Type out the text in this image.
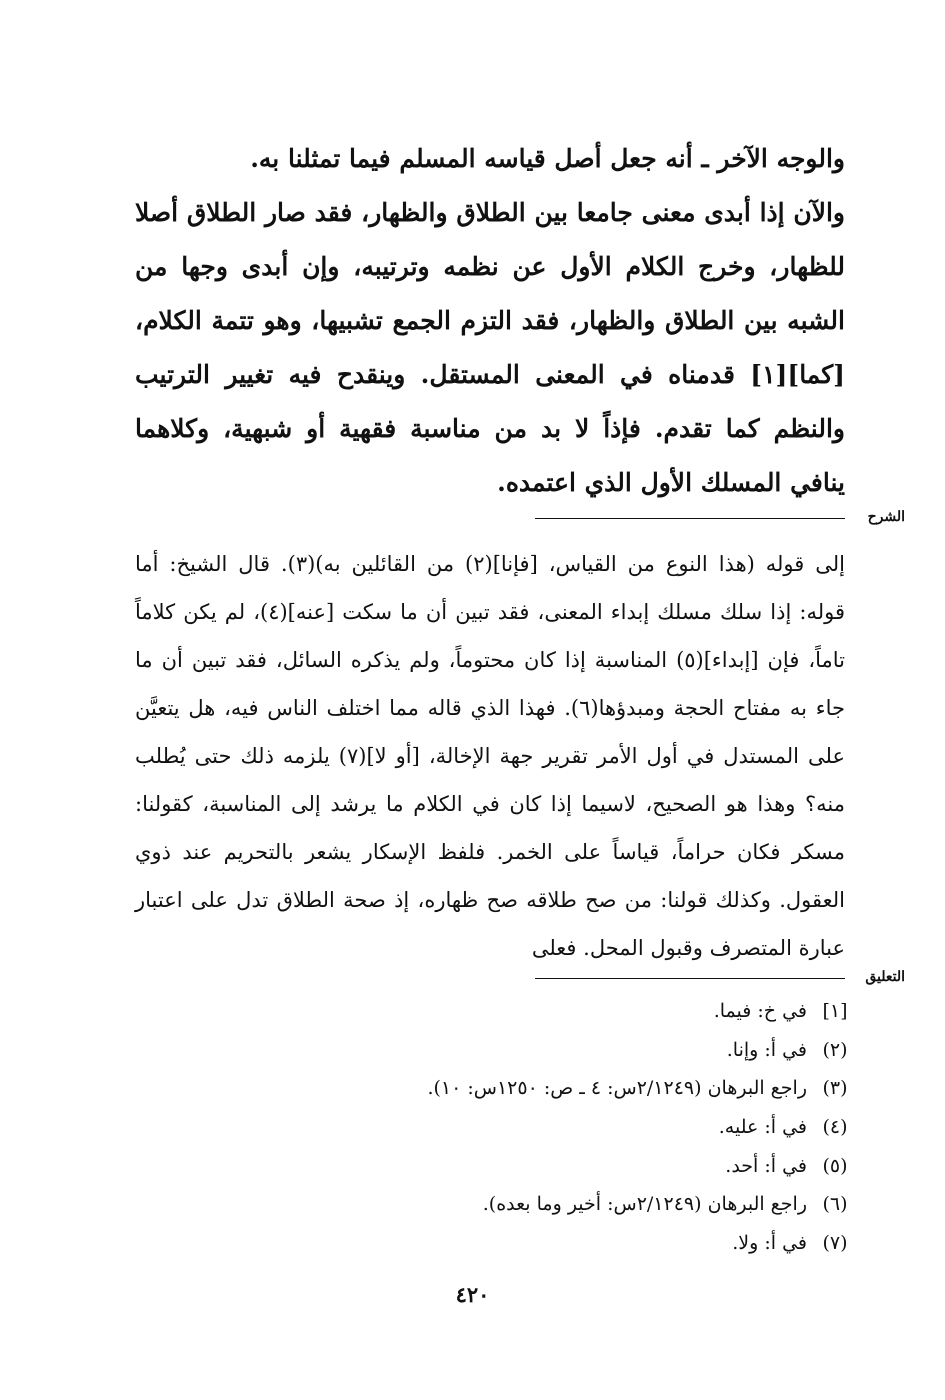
والوجه الآخر ـ أنه جعل أصل قياسه المسلم فيما تمثلنا به.

والآن إذا أبدى معنى جامعا بين الطلاق والظهار، فقد صار الطلاق أصلا للظهار، وخرج الكلام الأول عن نظمه وترتيبه، وإن أبدى وجها من الشبه بين الطلاق والظهار، فقد التزم الجمع تشبيها، وهو تتمة الكلام، [كما][١] قدمناه في المعنى المستقل. وينقدح فيه تغيير الترتيب والنظم كما تقدم. فإذاً لا بد من مناسبة فقهية أو شبهية، وكلاهما ينافي المسلك الأول الذي اعتمده.

الشرح

إلى قوله (هذا النوع من القياس، [فإنا](٢) من القائلين به)(٣). قال الشيخ: أما قوله: إذا سلك مسلك إبداء المعنى، فقد تبين أن ما سكت [عنه](٤)، لم يكن كلاماً تاماً، فإن [إبداء](٥) المناسبة إذا كان محتوماً، ولم يذكره السائل، فقد تبين أن ما جاء به مفتاح الحجة ومبدؤها(٦). فهذا الذي قاله مما اختلف الناس فيه، هل يتعيَّن على المستدل في أول الأمر تقرير جهة الإخالة، [أو لا](٧) يلزمه ذلك حتى يُطلب منه؟ وهذا هو الصحيح، لاسيما إذا كان في الكلام ما يرشد إلى المناسبة، كقولنا: مسكر فكان حراماً، قياساً على الخمر. فلفظ الإسكار يشعر بالتحريم عند ذوي العقول. وكذلك قولنا: من صح طلاقه صح ظهاره، إذ صحة الطلاق تدل على اعتبار عبارة المتصرف وقبول المحل. فعلى

التعليق
[١]في خ: فيما.
(٢)في أ: وإنا.
(٣)راجع البرهان (٢/١٢٤٩س: ٤ ـ ص: ١٢٥٠س: ١٠).
(٤)في أ: عليه.
(٥)في أ: أحد.
(٦)راجع البرهان (٢/١٢٤٩س: أخير وما بعده).
(٧)في أ: ولا.
٤٢٠
